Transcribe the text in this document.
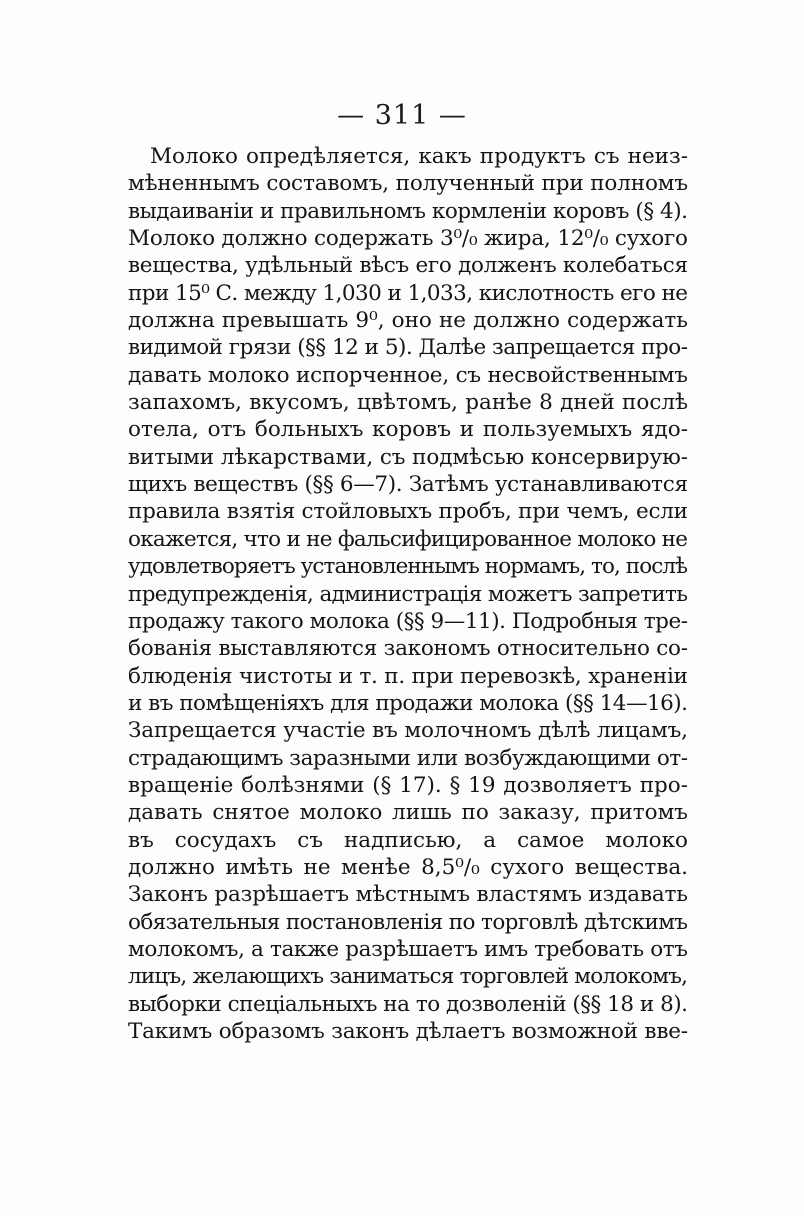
— 311 —
Молоко опредѣляется, какъ продуктъ съ неиз-
мѣненнымъ составомъ, полученный при полномъ
выдаиваніи и правильномъ кормленіи коровъ (§ 4).
Молоко должно содержать 3⁰/₀ жира, 12⁰/₀ сухого
вещества, удѣльный вѣсъ его долженъ колебаться
при 15⁰ С. между 1,030 и 1,033, кислотность его не
должна превышать 9⁰, оно не должно содержать
видимой грязи (§§ 12 и 5). Далѣе запрещается про-
давать молоко испорченное, съ несвойственнымъ
запахомъ, вкусомъ, цвѣтомъ, ранѣе 8 дней послѣ
отела, отъ больныхъ коровъ и пользуемыхъ ядо-
витыми лѣкарствами, съ подмѣсью консервирую-
щихъ веществъ (§§ 6—7). Затѣмъ устанавливаются
правила взятія стойловыхъ пробъ, при чемъ, если
окажется, что и не фальсифицированное молоко не
удовлетворяетъ установленнымъ нормамъ, то, послѣ
предупрежденія, администрація можетъ запретить
продажу такого молока (§§ 9—11). Подробныя тре-
бованія выставляются закономъ относительно со-
блюденія чистоты и т. п. при перевозкѣ, храненіи
и въ помѣщеніяхъ для продажи молока (§§ 14—16).
Запрещается участіе въ молочномъ дѣлѣ лицамъ,
страдающимъ заразными или возбуждающими от-
вращеніе болѣзнями (§ 17). § 19 дозволяетъ про-
давать снятое молоко лишь по заказу, притомъ
въ сосудахъ съ надписью, а самое молоко
должно имѣть не менѣе 8,5⁰/₀ сухого вещества.
Законъ разрѣшаетъ мѣстнымъ властямъ издавать
обязательныя постановленія по торговлѣ дѣтскимъ
молокомъ, а также разрѣшаетъ имъ требовать отъ
лицъ, желающихъ заниматься торговлей молокомъ,
выборки спеціальныхъ на то дозволеній (§§ 18 и 8).
Такимъ образомъ законъ дѣлаетъ возможной вве-
